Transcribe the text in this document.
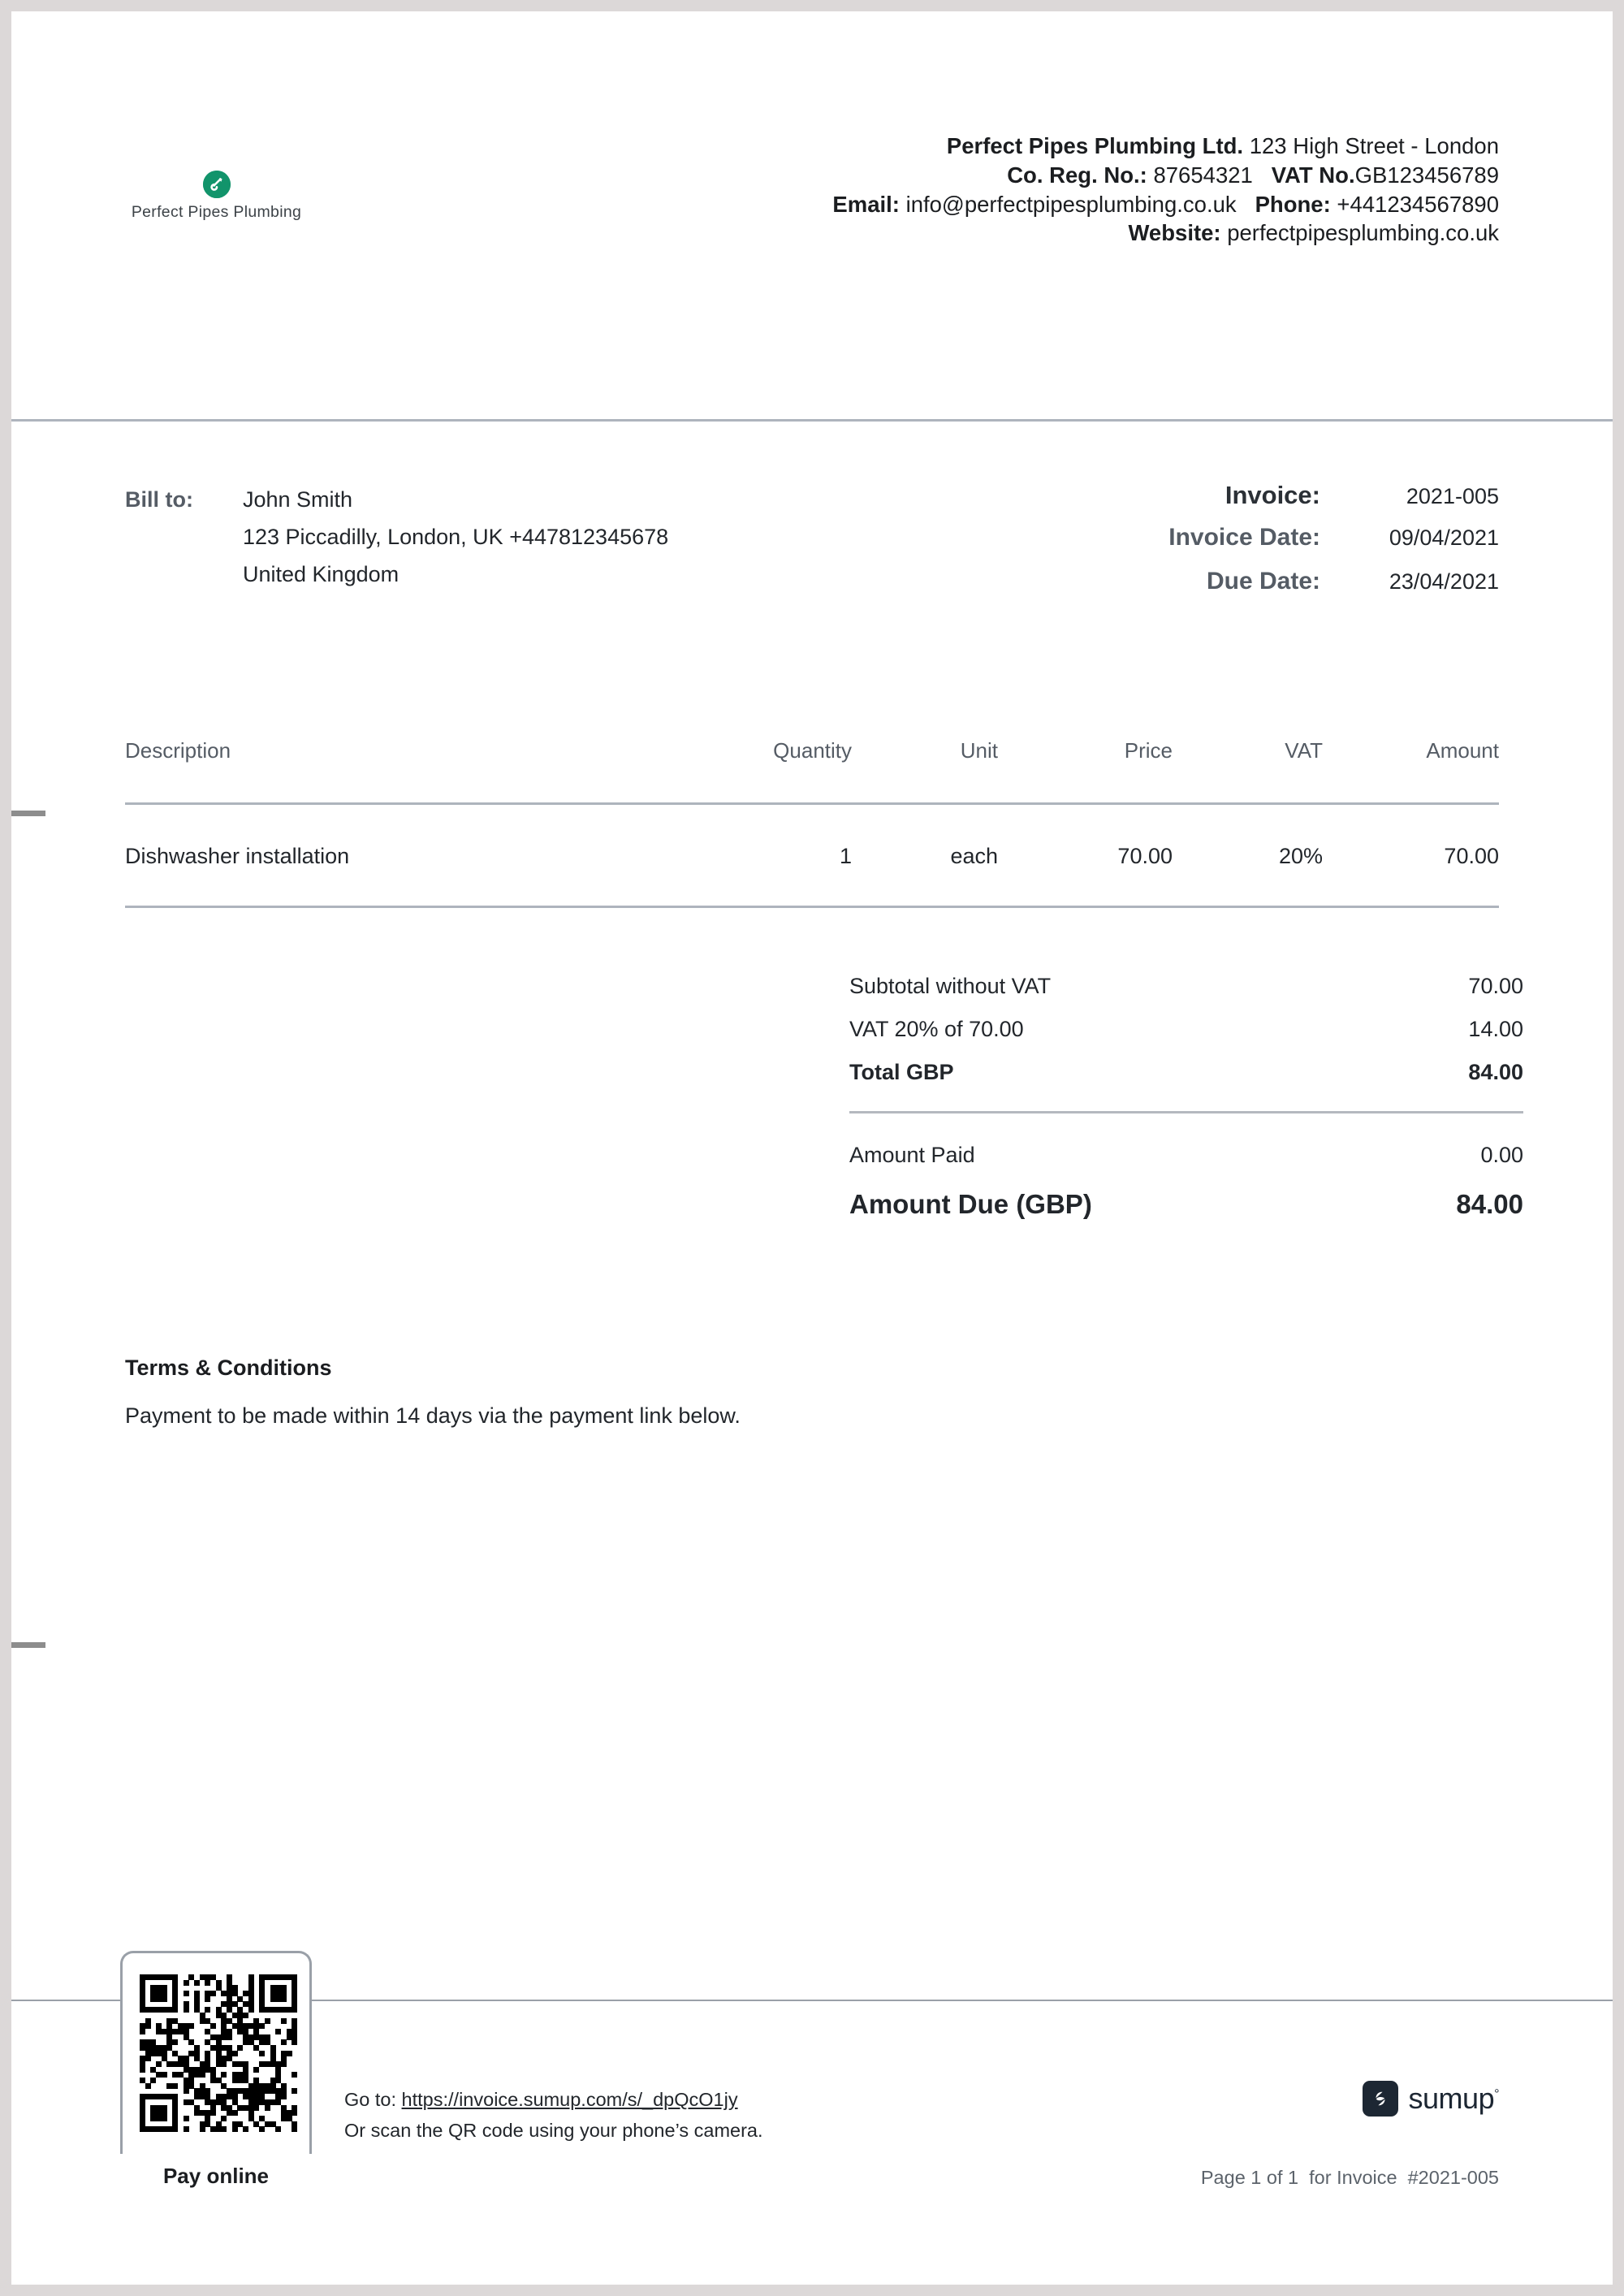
Perfect Pipes Plumbing
Perfect Pipes Plumbing Ltd. 123 High Street - London
Co. Reg. No.: 87654321 VAT No.GB123456789
Email: info@perfectpipesplumbing.co.uk Phone: +441234567890
Website: perfectpipesplumbing.co.uk
Bill to:	John Smith
123 Piccadilly, London, UK +447812345678
United Kingdom
Invoice:	2021-005
Invoice Date:	09/04/2021
Due Date:	23/04/2021
Description	Quantity	Unit	Price	VAT	Amount
Dishwasher installation	1	each	70.00	20%	70.00
Subtotal without VAT	70.00
VAT 20% of 70.00	14.00
Total GBP	84.00
Amount Paid	0.00
Amount Due (GBP)	84.00
Terms & Conditions
Payment to be made within 14 days via the payment link below.
Pay online
Go to: https://invoice.sumup.com/s/_dpQcO1jy
Or scan the QR code using your phone’s camera.
sumup°
Page 1 of 1  for Invoice  #2021-005
